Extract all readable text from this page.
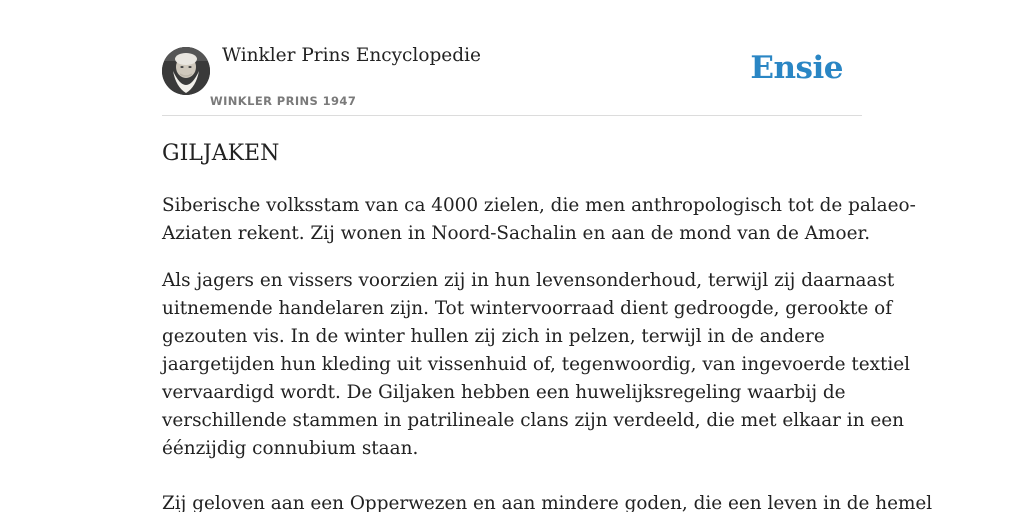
Winkler Prins Encyclopedie
WINKLER PRINS 1947
Ensie
GILJAKEN

Siberische volksstam van ca 4000 zielen, die men anthropologisch tot de palaeo-
Aziaten rekent. Zij wonen in Noord-Sachalin en aan de mond van de Amoer.

Als jagers en vissers voorzien zij in hun levensonderhoud, terwijl zij daarnaast
uitnemende handelaren zijn. Tot wintervoorraad dient gedroogde, gerookte of
gezouten vis. In de winter hullen zij zich in pelzen, terwijl in de andere
jaargetijden hun kleding uit vissenhuid of, tegenwoordig, van ingevoerde textiel
vervaardigd wordt. De Giljaken hebben een huwelijksregeling waarbij de
verschillende stammen in patrilineale clans zijn verdeeld, die met elkaar in een
éénzijdig connubium staan.

Zij geloven aan een Opperwezen en aan mindere goden, die een leven in de hemel
